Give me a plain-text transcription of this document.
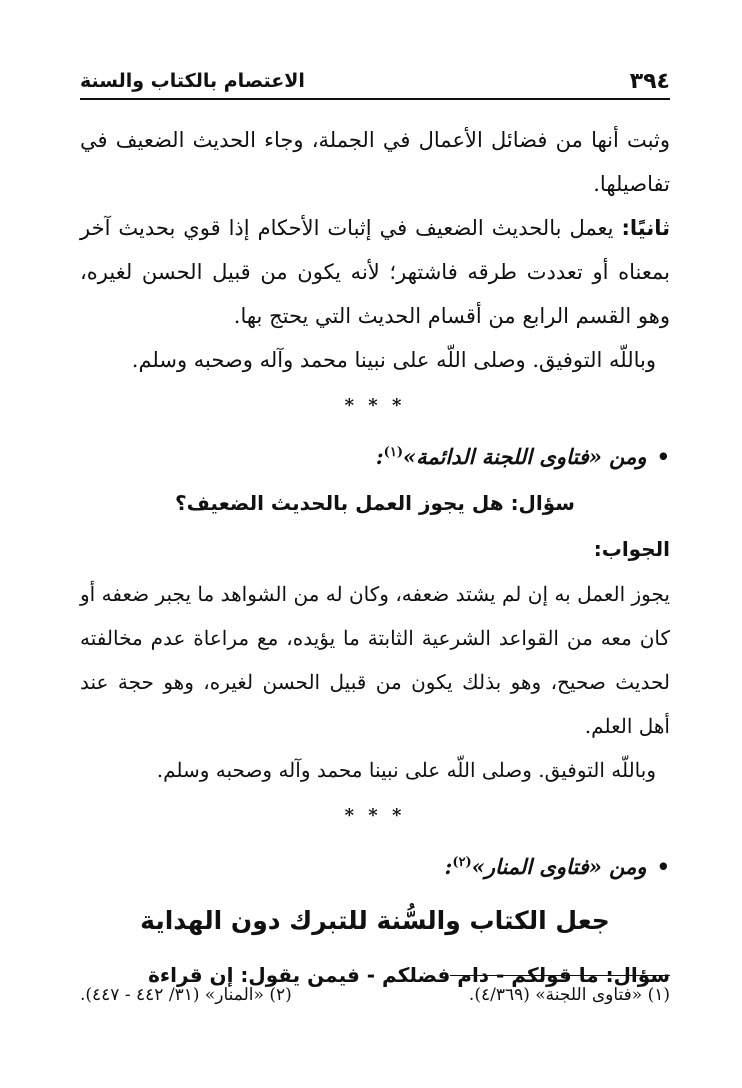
الاعتصام بالكتاب والسنة	٣٩٤

وثبت أنها من فضائل الأعمال في الجملة، وجاء الحديث الضعيف في تفاصيلها.

ثانيًا: يعمل بالحديث الضعيف في إثبات الأحكام إذا قوي بحديث آخر بمعناه أو تعددت طرقه فاشتهر؛ لأنه يكون من قبيل الحسن لغيره، وهو القسم الرابع من أقسام الحديث التي يحتج بها.

وباللّه التوفيق. وصلى اللّه على نبينا محمد وآله وصحبه وسلم.

* * *
•ومن «فتاوى اللجنة الدائمة»$^{(١)}$:
سؤال: هل يجوز العمل بالحديث الضعيف؟
الجواب:

يجوز العمل به إن لم يشتد ضعفه، وكان له من الشواهد ما يجبر ضعفه أو كان معه من القواعد الشرعية الثابتة ما يؤيده، مع مراعاة عدم مخالفته لحديث صحيح، وهو بذلك يكون من قبيل الحسن لغيره، وهو حجة عند أهل العلم.

وباللّه التوفيق. وصلى اللّه على نبينا محمد وآله وصحبه وسلم.

* * *
•ومن «فتاوى المنار»$^{(٢)}$:
جعل الكتاب والسُّنة للتبرك دون الهداية
سؤال: ما قولكم - دام فضلكم - فيمن يقول: إن قراءة
(١) «فتاوى اللجنة» (٤/٣٦٩).
(٢) «المنار» (٣١/ ٤٤٢ - ٤٤٧).
